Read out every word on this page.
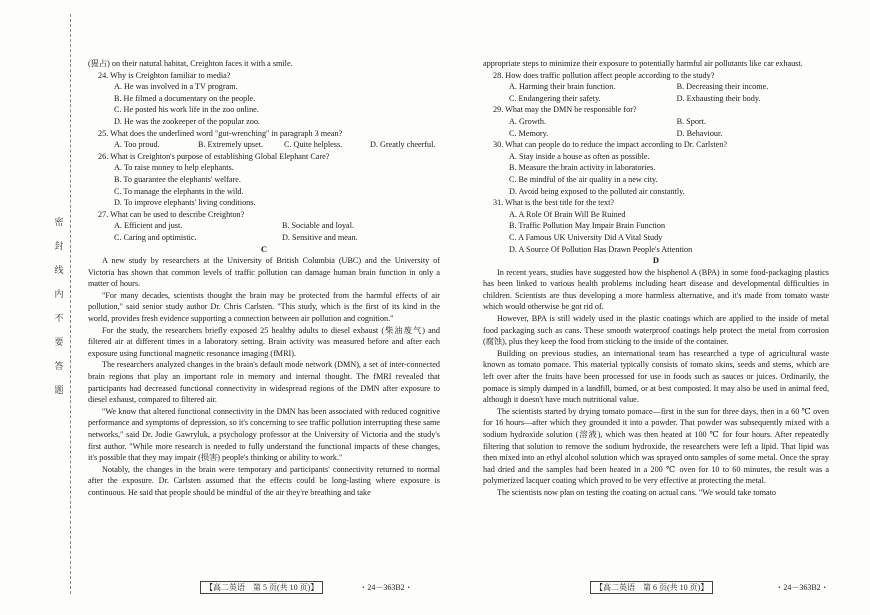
密 封 线 内 不 要 答 题
(猩占) on their natural habitat, Creighton faces it with a smile.
24. Why is Creighton familiar to media?
A. He was involved in a TV program.
B. He filmed a documentary on the people.
C. He posted his work life in the zoo online.
D. He was the zookeeper of the popular zoo.
25. What does the underlined word "gut-wrenching" in paragraph 3 mean?
A. Too proud.	B. Extremely upset.	C. Quite helpless.	D. Greatly cheerful.
26. What is Creighton's purpose of establishing Global Elephant Care?
A. To raise money to help elephants.
B. To guarantee the elephants' welfare.
C. To manage the elephants in the wild.
D. To improve elephants' living conditions.
27. What can be used to describe Creighton?
A. Efficient and just.	B. Sociable and loyal.
C. Caring and optimistic.	D. Sensitive and mean.
C
A new study by researchers at the University of British Columbia (UBC) and the University of Victoria has shown that common levels of traffic pollution can damage human brain function in only a matter of hours.
"For many decades, scientists thought the brain may be protected from the harmful effects of air pollution," said senior study author Dr. Chris Carlsten. "This study, which is the first of its kind in the world, provides fresh evidence supporting a connection between air pollution and cognition."
For the study, the researchers briefly exposed 25 healthy adults to diesel exhaust (柴油废气) and filtered air at different times in a laboratory setting. Brain activity was measured before and after each exposure using functional magnetic resonance imaging (fMRI).
The researchers analyzed changes in the brain's default mode network (DMN), a set of inter-connected brain regions that play an important role in memory and internal thought. The fMRI revealed that participants had decreased functional connectivity in widespread regions of the DMN after exposure to diesel exhaust, compared to filtered air.
"We know that altered functional connectivity in the DMN has been associated with reduced cognitive performance and symptoms of depression, so it's concerning to see traffic pollution interrupting these same networks," said Dr. Jodie Gawryluk, a psychology professor at the University of Victoria and the study's first author. "While more research is needed to fully understand the functional impacts of these changes, it's possible that they may impair (损害) people's thinking or ability to work."
Notably, the changes in the brain were temporary and participants' connectivity returned to normal after the exposure. Dr. Carlsten assumed that the effects could be long-lasting where exposure is continuous. He said that people should be mindful of the air they're breathing and take
appropriate steps to minimize their exposure to potentially harmful air pollutants like car exhaust.
28. How does traffic pollution affect people according to the study?
A. Harming their brain function.	B. Decreasing their income.
C. Endangering their safety.	D. Exhausting their body.
29. What may the DMN be responsible for?
A. Growth.	B. Sport.
C. Memory.	D. Behaviour.
30. What can people do to reduce the impact according to Dr. Carlsten?
A. Stay inside a house as often as possible.
B. Measure the brain activity in laboratories.
C. Be mindful of the air quality in a new city.
D. Avoid being exposed to the polluted air constantly.
31. What is the best title for the text?
A. A Role Of Brain Will Be Ruined
B. Traffic Pollution May Impair Brain Function
C. A Famous UK University Did A Vital Study
D. A Source Of Pollution Has Drawn People's Attention
D
In recent years, studies have suggested how the bisphenol A (BPA) in some food-packaging plastics has been linked to various health problems including heart disease and developmental difficulties in children. Scientists are thus developing a more harmless alternative, and it's made from tomato waste which would otherwise be got rid of.
However, BPA is still widely used in the plastic coatings which are applied to the inside of metal food packaging such as cans. These smooth waterproof coatings help protect the metal from corrosion (腐蚀), plus they keep the food from sticking to the inside of the container.
Building on previous studies, an international team has researched a type of agricultural waste known as tomato pomace. This material typically consists of tomato skins, seeds and stems, which are left over after the fruits have been processed for use in foods such as sauces or juices. Ordinarily, the pomace is simply dumped in a landfill, burned, or at best composted. It may also be used in animal feed, although it doesn't have much nutritional value.
The scientists started by drying tomato pomace—first in the sun for three days, then in a 60 ℃ oven for 16 hours—after which they grounded it into a powder. That powder was subsequently mixed with a sodium hydroxide solution (溶液), which was then heated at 100 ℃ for four hours. After repeatedly filtering that solution to remove the sodium hydroxide, the researchers were left a lipid. That lipid was then mixed into an ethyl alcohol solution which was sprayed onto samples of some metal. Once the spray had dried and the samples had been heated in a 200 ℃ oven for 10 to 60 minutes, the result was a polymerized lacquer coating which proved to be very effective at protecting the metal.
The scientists now plan on testing the coating on actual cans. "We would take tomato
【高二英语　第 5 页(共 10 页)】	・24－363B2・	【高二英语　第 6 页(共 10 页)】	・24－363B2・
